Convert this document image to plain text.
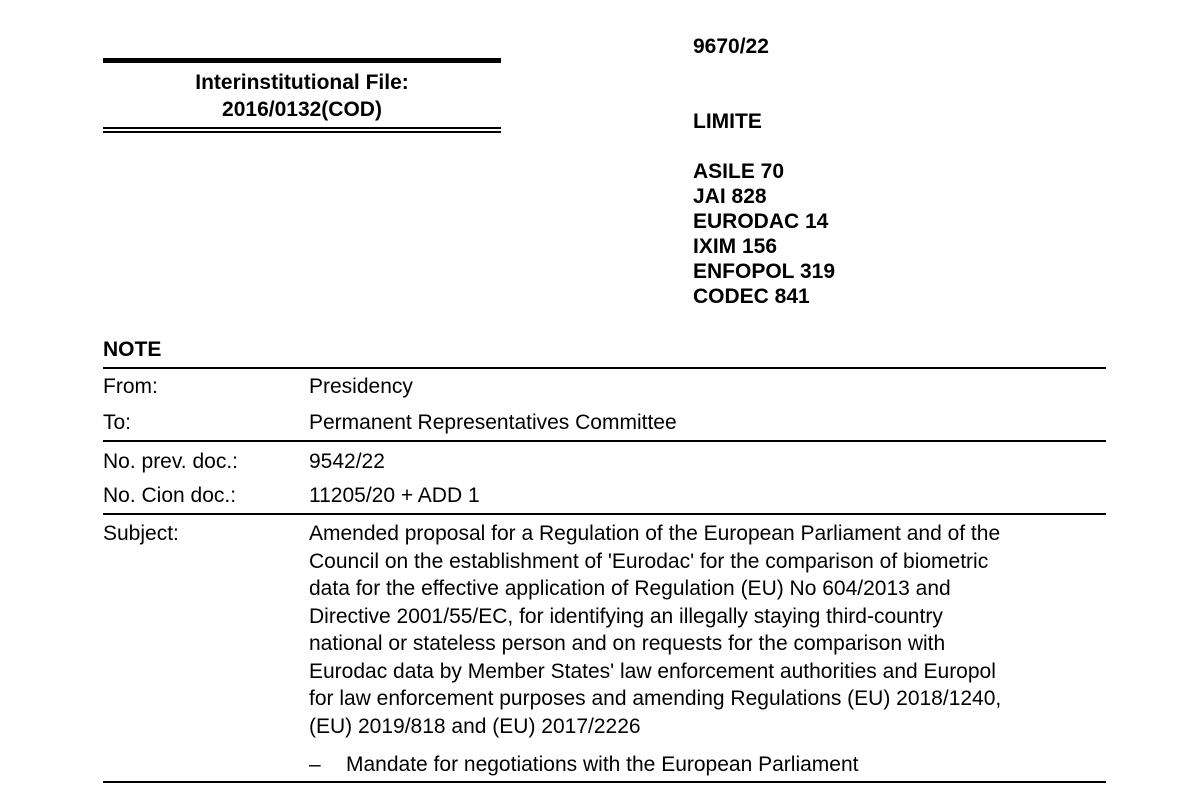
Interinstitutional File:
2016/0132(COD)
9670/22
LIMITE
ASILE 70
JAI 828
EURODAC 14
IXIM 156
ENFOPOL 319
CODEC 841
NOTE
From:	Presidency
To:	Permanent Representatives Committee
No. prev. doc.:	9542/22
No. Cion doc.:	11205/20 + ADD 1
Subject:	Amended proposal for a Regulation of the European Parliament and of the
Council on the establishment of 'Eurodac' for the comparison of biometric
data for the effective application of Regulation (EU) No 604/2013 and
Directive 2001/55/EC, for identifying an illegally staying third-country
national or stateless person and on requests for the comparison with
Eurodac data by Member States' law enforcement authorities and Europol
for law enforcement purposes and amending Regulations (EU) 2018/1240,
(EU) 2019/818 and (EU) 2017/2226
– Mandate for negotiations with the European Parliament
